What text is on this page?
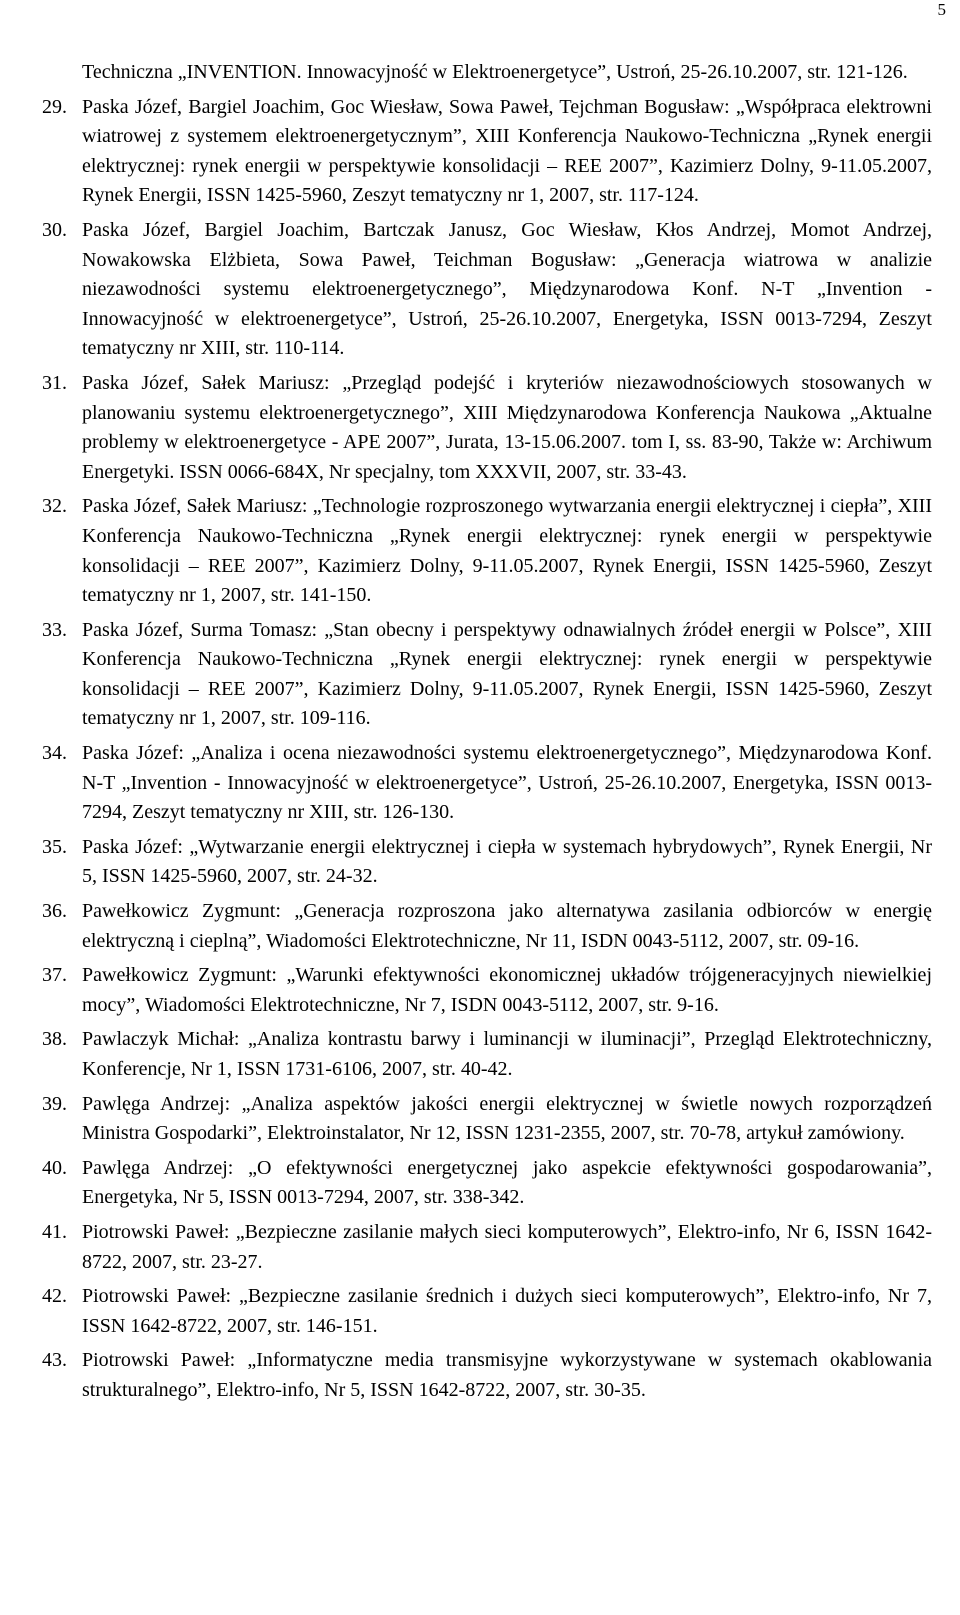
5
Techniczna „INVENTION. Innowacyjność w Elektroenergetyce”, Ustroń, 25-26.10.2007, str. 121-126.
29. Paska Józef, Bargiel Joachim, Goc Wiesław, Sowa Paweł, Tejchman Bogusław: „Współpraca elektrowni wiatrowej z systemem elektroenergetycznym”, XIII Konferencja Naukowo-Techniczna „Rynek energii elektrycznej: rynek energii w perspektywie konsolidacji – REE 2007”, Kazimierz Dolny, 9-11.05.2007, Rynek Energii, ISSN 1425-5960, Zeszyt tematyczny nr 1, 2007, str. 117-124.
30. Paska Józef, Bargiel Joachim, Bartczak Janusz, Goc Wiesław, Kłos Andrzej, Momot Andrzej, Nowakowska Elżbieta, Sowa Paweł, Teichman Bogusław: „Generacja wiatrowa w analizie niezawodności systemu elektroenergetycznego”, Międzynarodowa Konf. N-T „Invention - Innowacyjność w elektroenergetyce”, Ustroń, 25-26.10.2007, Energetyka, ISSN 0013-7294, Zeszyt tematyczny nr XIII, str. 110-114.
31. Paska Józef, Sałek Mariusz: „Przegląd podejść i kryteriów niezawodnościowych stosowanych w planowaniu systemu elektroenergetycznego”, XIII Międzynarodowa Konferencja Naukowa „Aktualne problemy w elektroenergetyce - APE 2007”, Jurata, 13-15.06.2007. tom I, ss. 83-90, Także w: Archiwum Energetyki. ISSN 0066-684X, Nr specjalny, tom XXXVII, 2007, str. 33-43.
32. Paska Józef, Sałek Mariusz: „Technologie rozproszonego wytwarzania energii elektrycznej i ciepła”, XIII Konferencja Naukowo-Techniczna „Rynek energii elektrycznej: rynek energii w perspektywie konsolidacji – REE 2007”, Kazimierz Dolny, 9-11.05.2007, Rynek Energii, ISSN 1425-5960, Zeszyt tematyczny nr 1, 2007, str. 141-150.
33. Paska Józef, Surma Tomasz: „Stan obecny i perspektywy odnawialnych źródeł energii w Polsce”, XIII Konferencja Naukowo-Techniczna „Rynek energii elektrycznej: rynek energii w perspektywie konsolidacji – REE 2007”, Kazimierz Dolny, 9-11.05.2007, Rynek Energii, ISSN 1425-5960, Zeszyt tematyczny nr 1, 2007, str. 109-116.
34. Paska Józef: „Analiza i ocena niezawodności systemu elektroenergetycznego”, Międzynarodowa Konf. N-T „Invention - Innowacyjność w elektroenergetyce”, Ustroń, 25-26.10.2007, Energetyka, ISSN 0013-7294, Zeszyt tematyczny nr XIII, str. 126-130.
35. Paska Józef: „Wytwarzanie energii elektrycznej i ciepła w systemach hybrydowych”, Rynek Energii, Nr 5, ISSN 1425-5960, 2007, str. 24-32.
36. Pawełkowicz Zygmunt: „Generacja rozproszona jako alternatywa zasilania odbiorców w energię elektryczną i cieplną”, Wiadomości Elektrotechniczne, Nr 11, ISDN 0043-5112, 2007, str. 09-16.
37. Pawełkowicz Zygmunt: „Warunki efektywności ekonomicznej układów trójgeneracyjnych niewielkiej mocy”, Wiadomości Elektrotechniczne, Nr 7, ISDN 0043-5112, 2007, str. 9-16.
38. Pawlaczyk Michał: „Analiza kontrastu barwy i luminancji w iluminacji”, Przegląd Elektrotechniczny, Konferencje, Nr 1, ISSN 1731-6106, 2007, str. 40-42.
39. Pawlęga Andrzej: „Analiza aspektów jakości energii elektrycznej w świetle nowych rozporządzeń Ministra Gospodarki”, Elektroinstalator, Nr 12, ISSN 1231-2355, 2007, str. 70-78, artykuł zamówiony.
40. Pawlęga Andrzej: „O efektywności energetycznej jako aspekcie efektywności gospodarowania”, Energetyka, Nr 5, ISSN 0013-7294, 2007, str. 338-342.
41. Piotrowski Paweł: „Bezpieczne zasilanie małych sieci komputerowych”, Elektro-info, Nr 6, ISSN 1642-8722, 2007, str. 23-27.
42. Piotrowski Paweł: „Bezpieczne zasilanie średnich i dużych sieci komputerowych”, Elektro-info, Nr 7, ISSN 1642-8722, 2007, str. 146-151.
43. Piotrowski Paweł: „Informatyczne media transmisyjne wykorzystywane w systemach okablowania strukturalnego”, Elektro-info, Nr 5, ISSN 1642-8722, 2007, str. 30-35.
